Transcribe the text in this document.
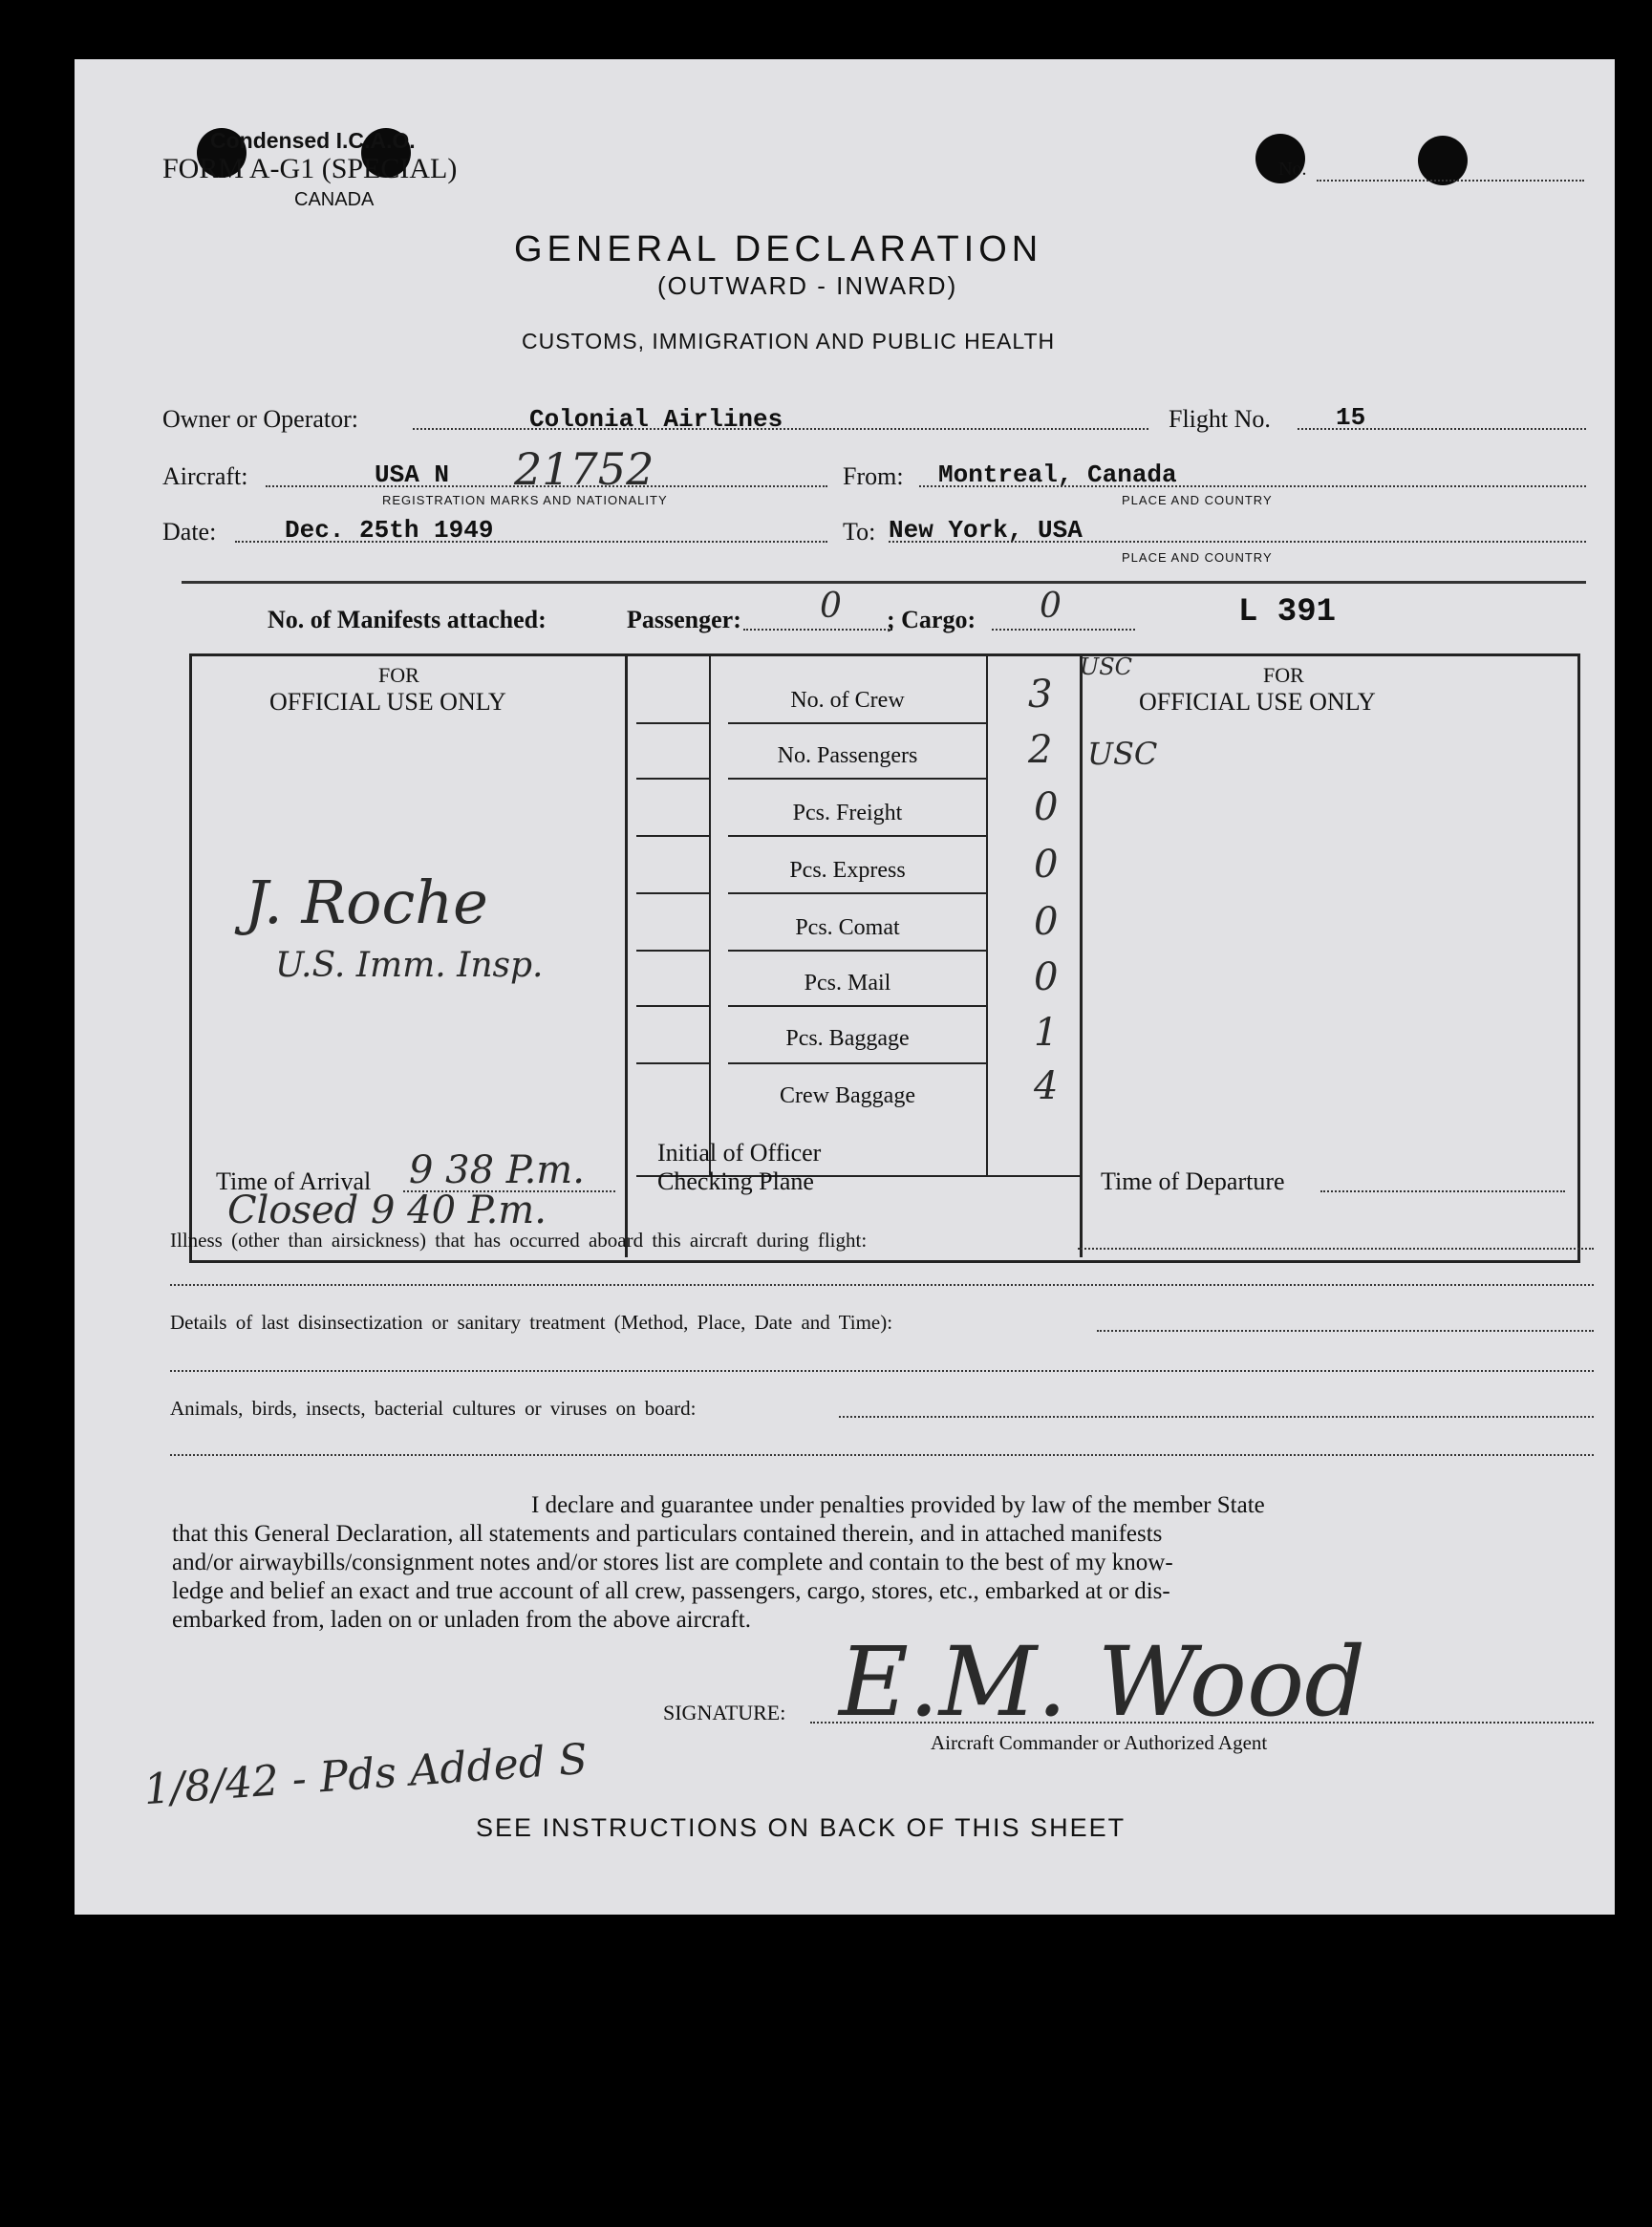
Condensed I.C.A.O.
FORM A-G1 (SPECIAL)
CANADA
No.
GENERAL DECLARATION
(OUTWARD - INWARD)
CUSTOMS, IMMIGRATION AND PUBLIC HEALTH
Owner or Operator:	Colonial Airlines	Flight No.	15
Aircraft:	USA N 21752
REGISTRATION MARKS AND NATIONALITY
From: Montreal, Canada
PLACE AND COUNTRY
Date:	Dec. 25th 1949	To: New York, USA
PLACE AND COUNTRY
No. of Manifests attached:	Passenger: 0 ; Cargo: 0	L 391
FOR
OFFICIAL USE ONLY
FOR
OFFICIAL USE ONLY
J. Roche
U.S. Imm. Insp.
No. of Crew	3
USC
No. Passengers	2 USC
Pcs. Freight	0
Pcs. Express	0
Pcs. Comat	0
Pcs. Mail	0
Pcs. Baggage	1
Crew Baggage	4
Time of Arrival 9 38 P.m.	Initial of Officer
Checking Plane	Time of Departure
Closed 9 40 P.m.
Illness (other than airsickness) that has occurred aboard this aircraft during flight:
Details of last disinsectization or sanitary treatment (Method, Place, Date and Time):
Animals, birds, insects, bacterial cultures or viruses on board:
I declare and guarantee under penalties provided by law of the member State
that this General Declaration, all statements and particulars contained therein, and in attached manifests
and/or airwaybills/consignment notes and/or stores list are complete and contain to the best of my know-
ledge and belief an exact and true account of all crew, passengers, cargo, stores, etc., embarked at or dis-
embarked from, laden on or unladen from the above aircraft.
SIGNATURE: E.M. Wood
Aircraft Commander or Authorized Agent
1/8/42 - Pds Added S
SEE INSTRUCTIONS ON BACK OF THIS SHEET
